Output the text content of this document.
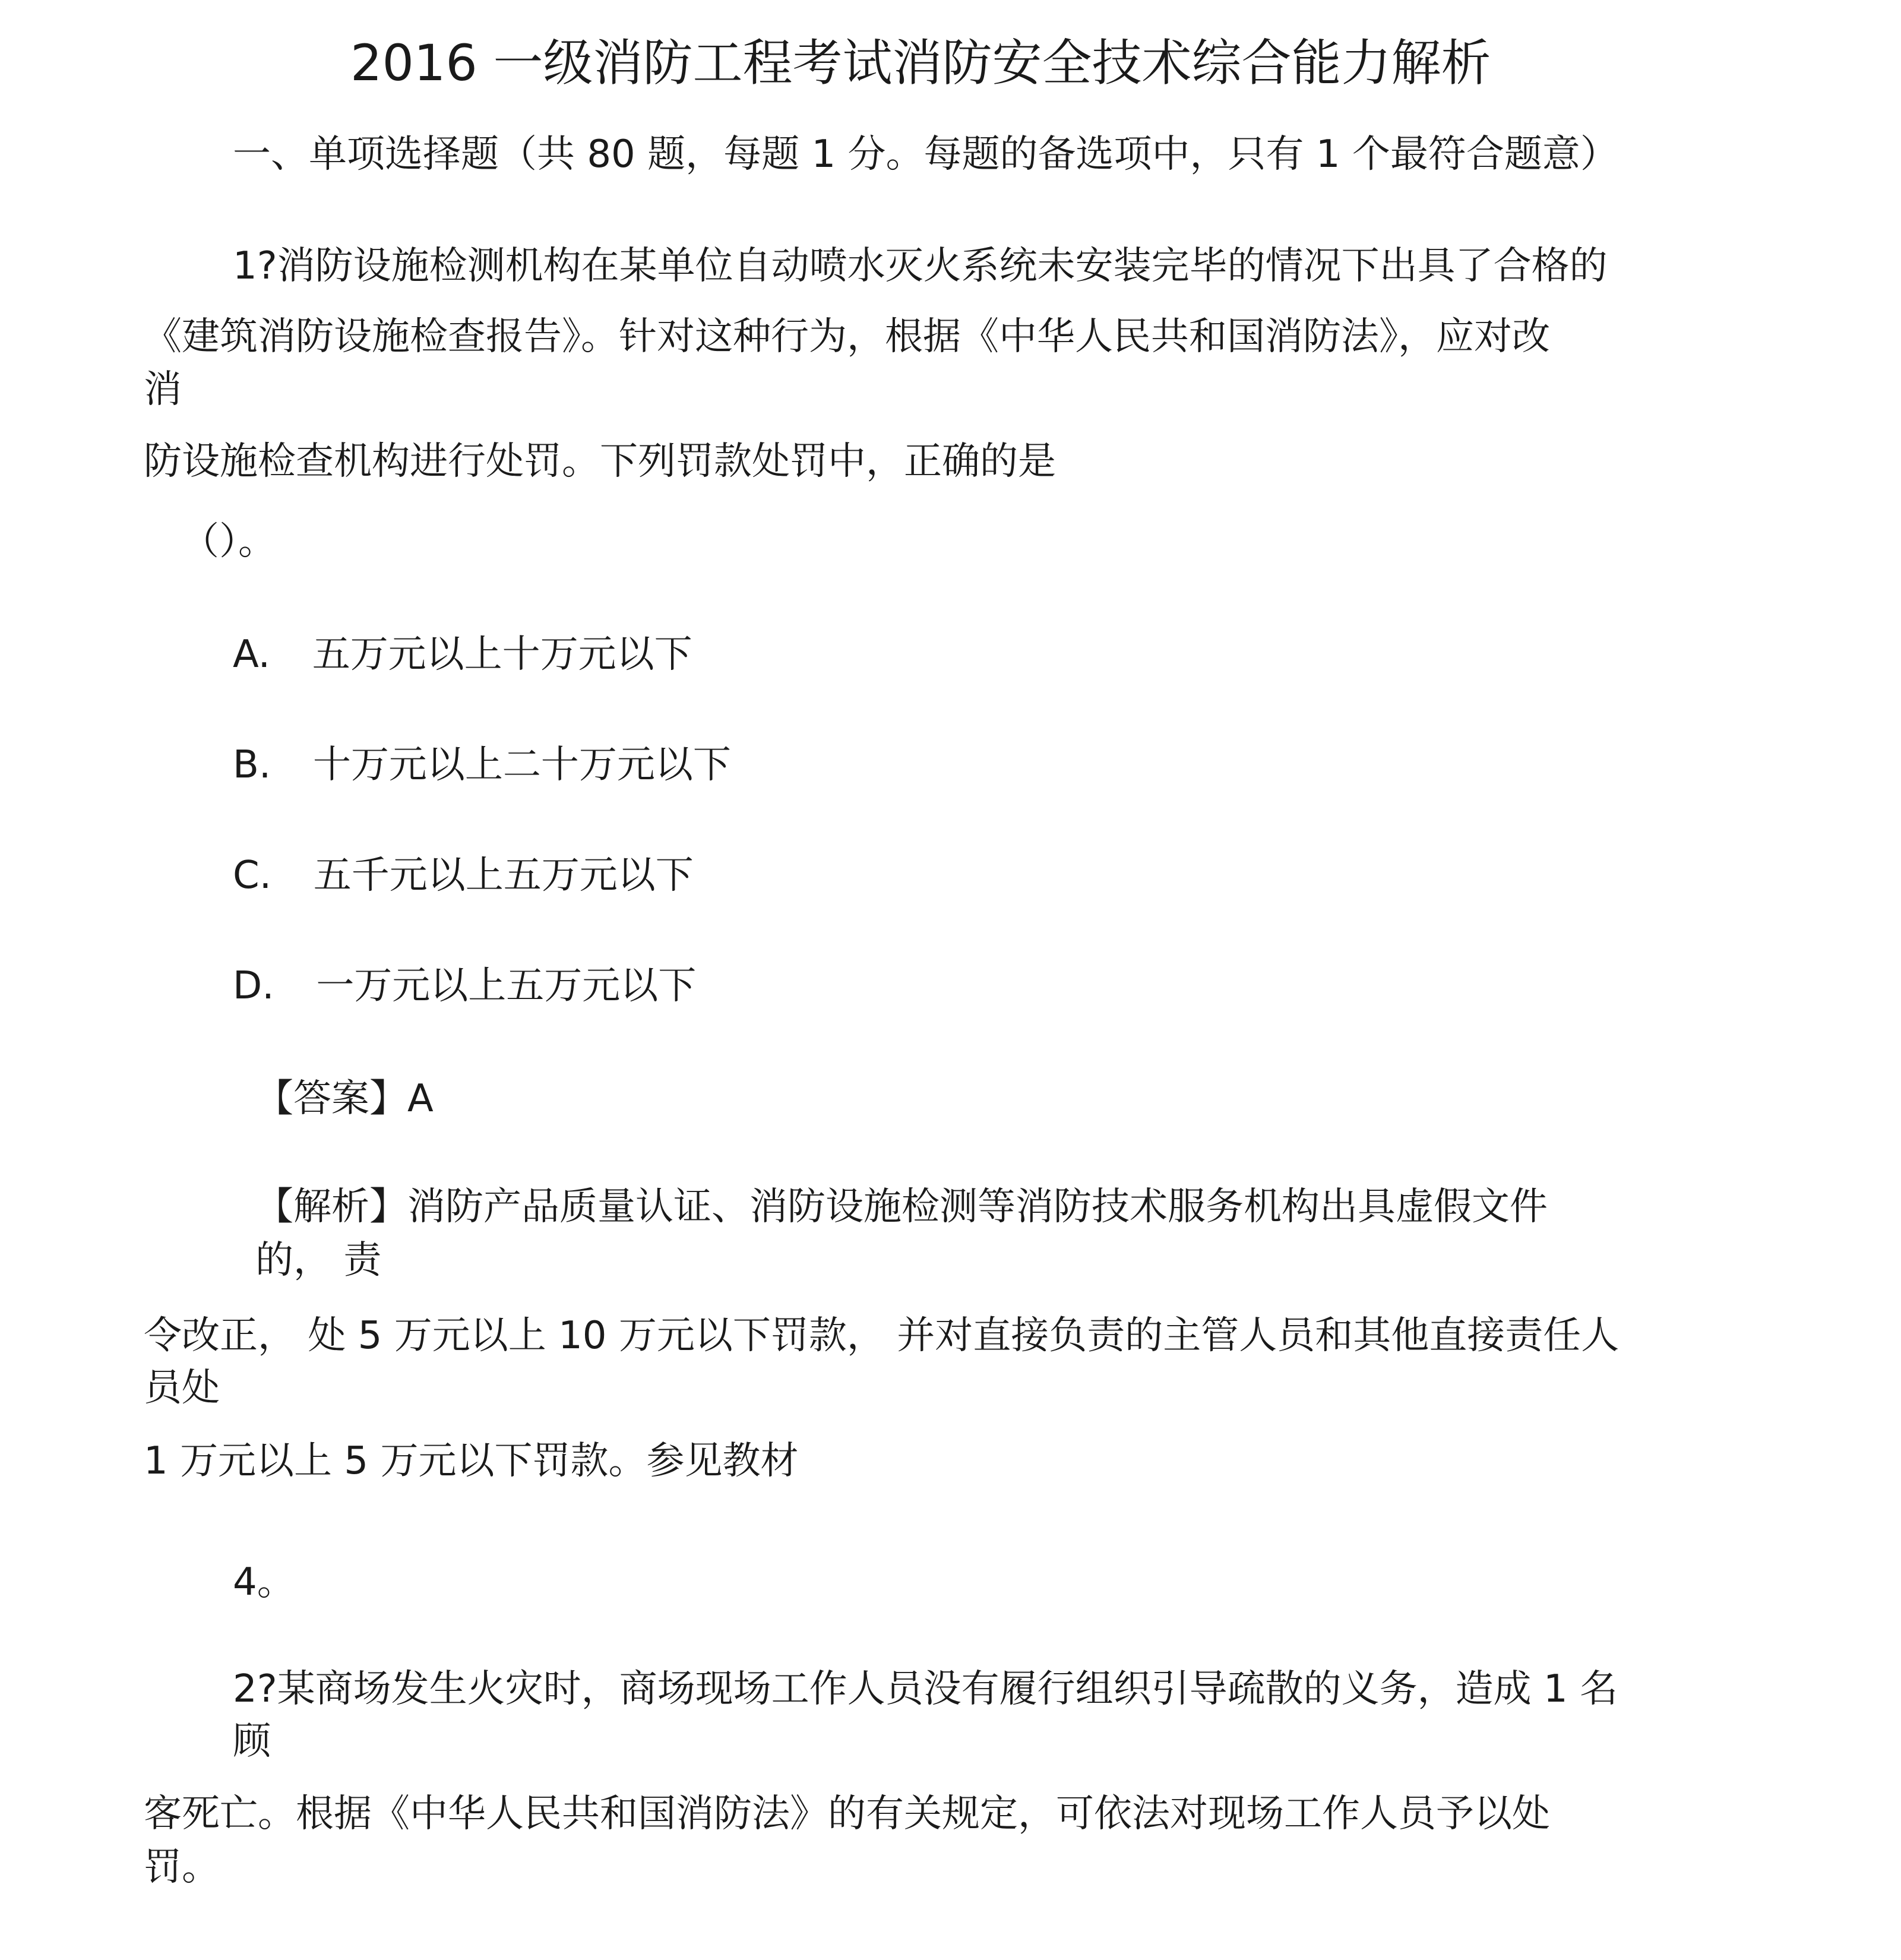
2016 一级消防工程考试消防安全技术综合能力解析
一、单项选择题（共 80 题，每题 1 分。每题的备选项中，只有 1 个最符合题意）
1?消防设施检测机构在某单位自动喷水灭火系统未安装完毕的情况下出具了合格的
《建筑消防设施检查报告》。针对这种行为，根据《中华人民共和国消防法》，应对改
消
防设施检查机构进行处罚。下列罚款处罚中，正确的是
（）。
A. 五万元以上十万元以下
B. 十万元以上二十万元以下
C. 五千元以上五万元以下
D. 一万元以上五万元以下
【答案】A
【解析】消防产品质量认证、消防设施检测等消防技术服务机构出具虚假文件
的， 责
令改正， 处 5 万元以上 10 万元以下罚款， 并对直接负责的主管人员和其他直接责任人
员处
1 万元以上 5 万元以下罚款。参见教材
4。
2?某商场发生火灾时，商场现场工作人员没有履行组织引导疏散的义务，造成 1 名
顾
客死亡。根据《中华人民共和国消防法》的有关规定，可依法对现场工作人员予以处
罚。
